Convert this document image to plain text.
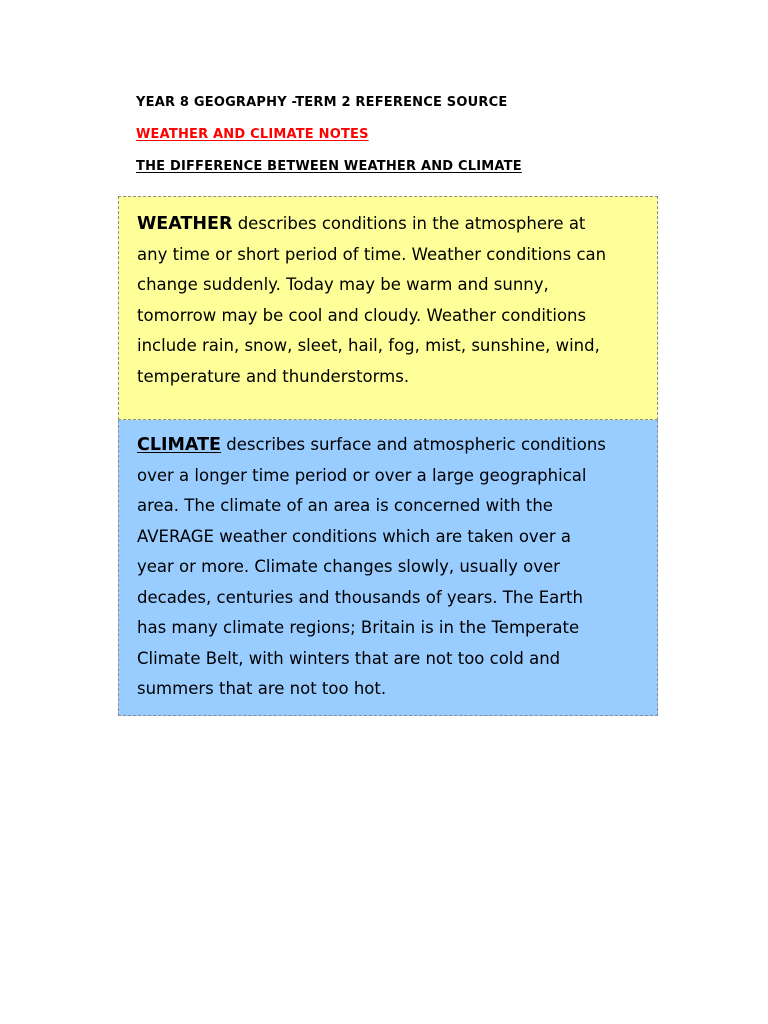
YEAR 8 GEOGRAPHY -TERM 2 REFERENCE SOURCE

WEATHER AND CLIMATE NOTES

THE DIFFERENCE BETWEEN WEATHER AND CLIMATE

WEATHER describes conditions in the atmosphere at
any time or short period of time. Weather conditions can
change suddenly. Today may be warm and sunny,
tomorrow may be cool and cloudy. Weather conditions
include rain, snow, sleet, hail, fog, mist, sunshine, wind,
temperature and thunderstorms.

CLIMATE describes surface and atmospheric conditions
over a longer time period or over a large geographical
area. The climate of an area is concerned with the
AVERAGE weather conditions which are taken over a
year or more. Climate changes slowly, usually over
decades, centuries and thousands of years. The Earth
has many climate regions; Britain is in the Temperate
Climate Belt, with winters that are not too cold and
summers that are not too hot.
